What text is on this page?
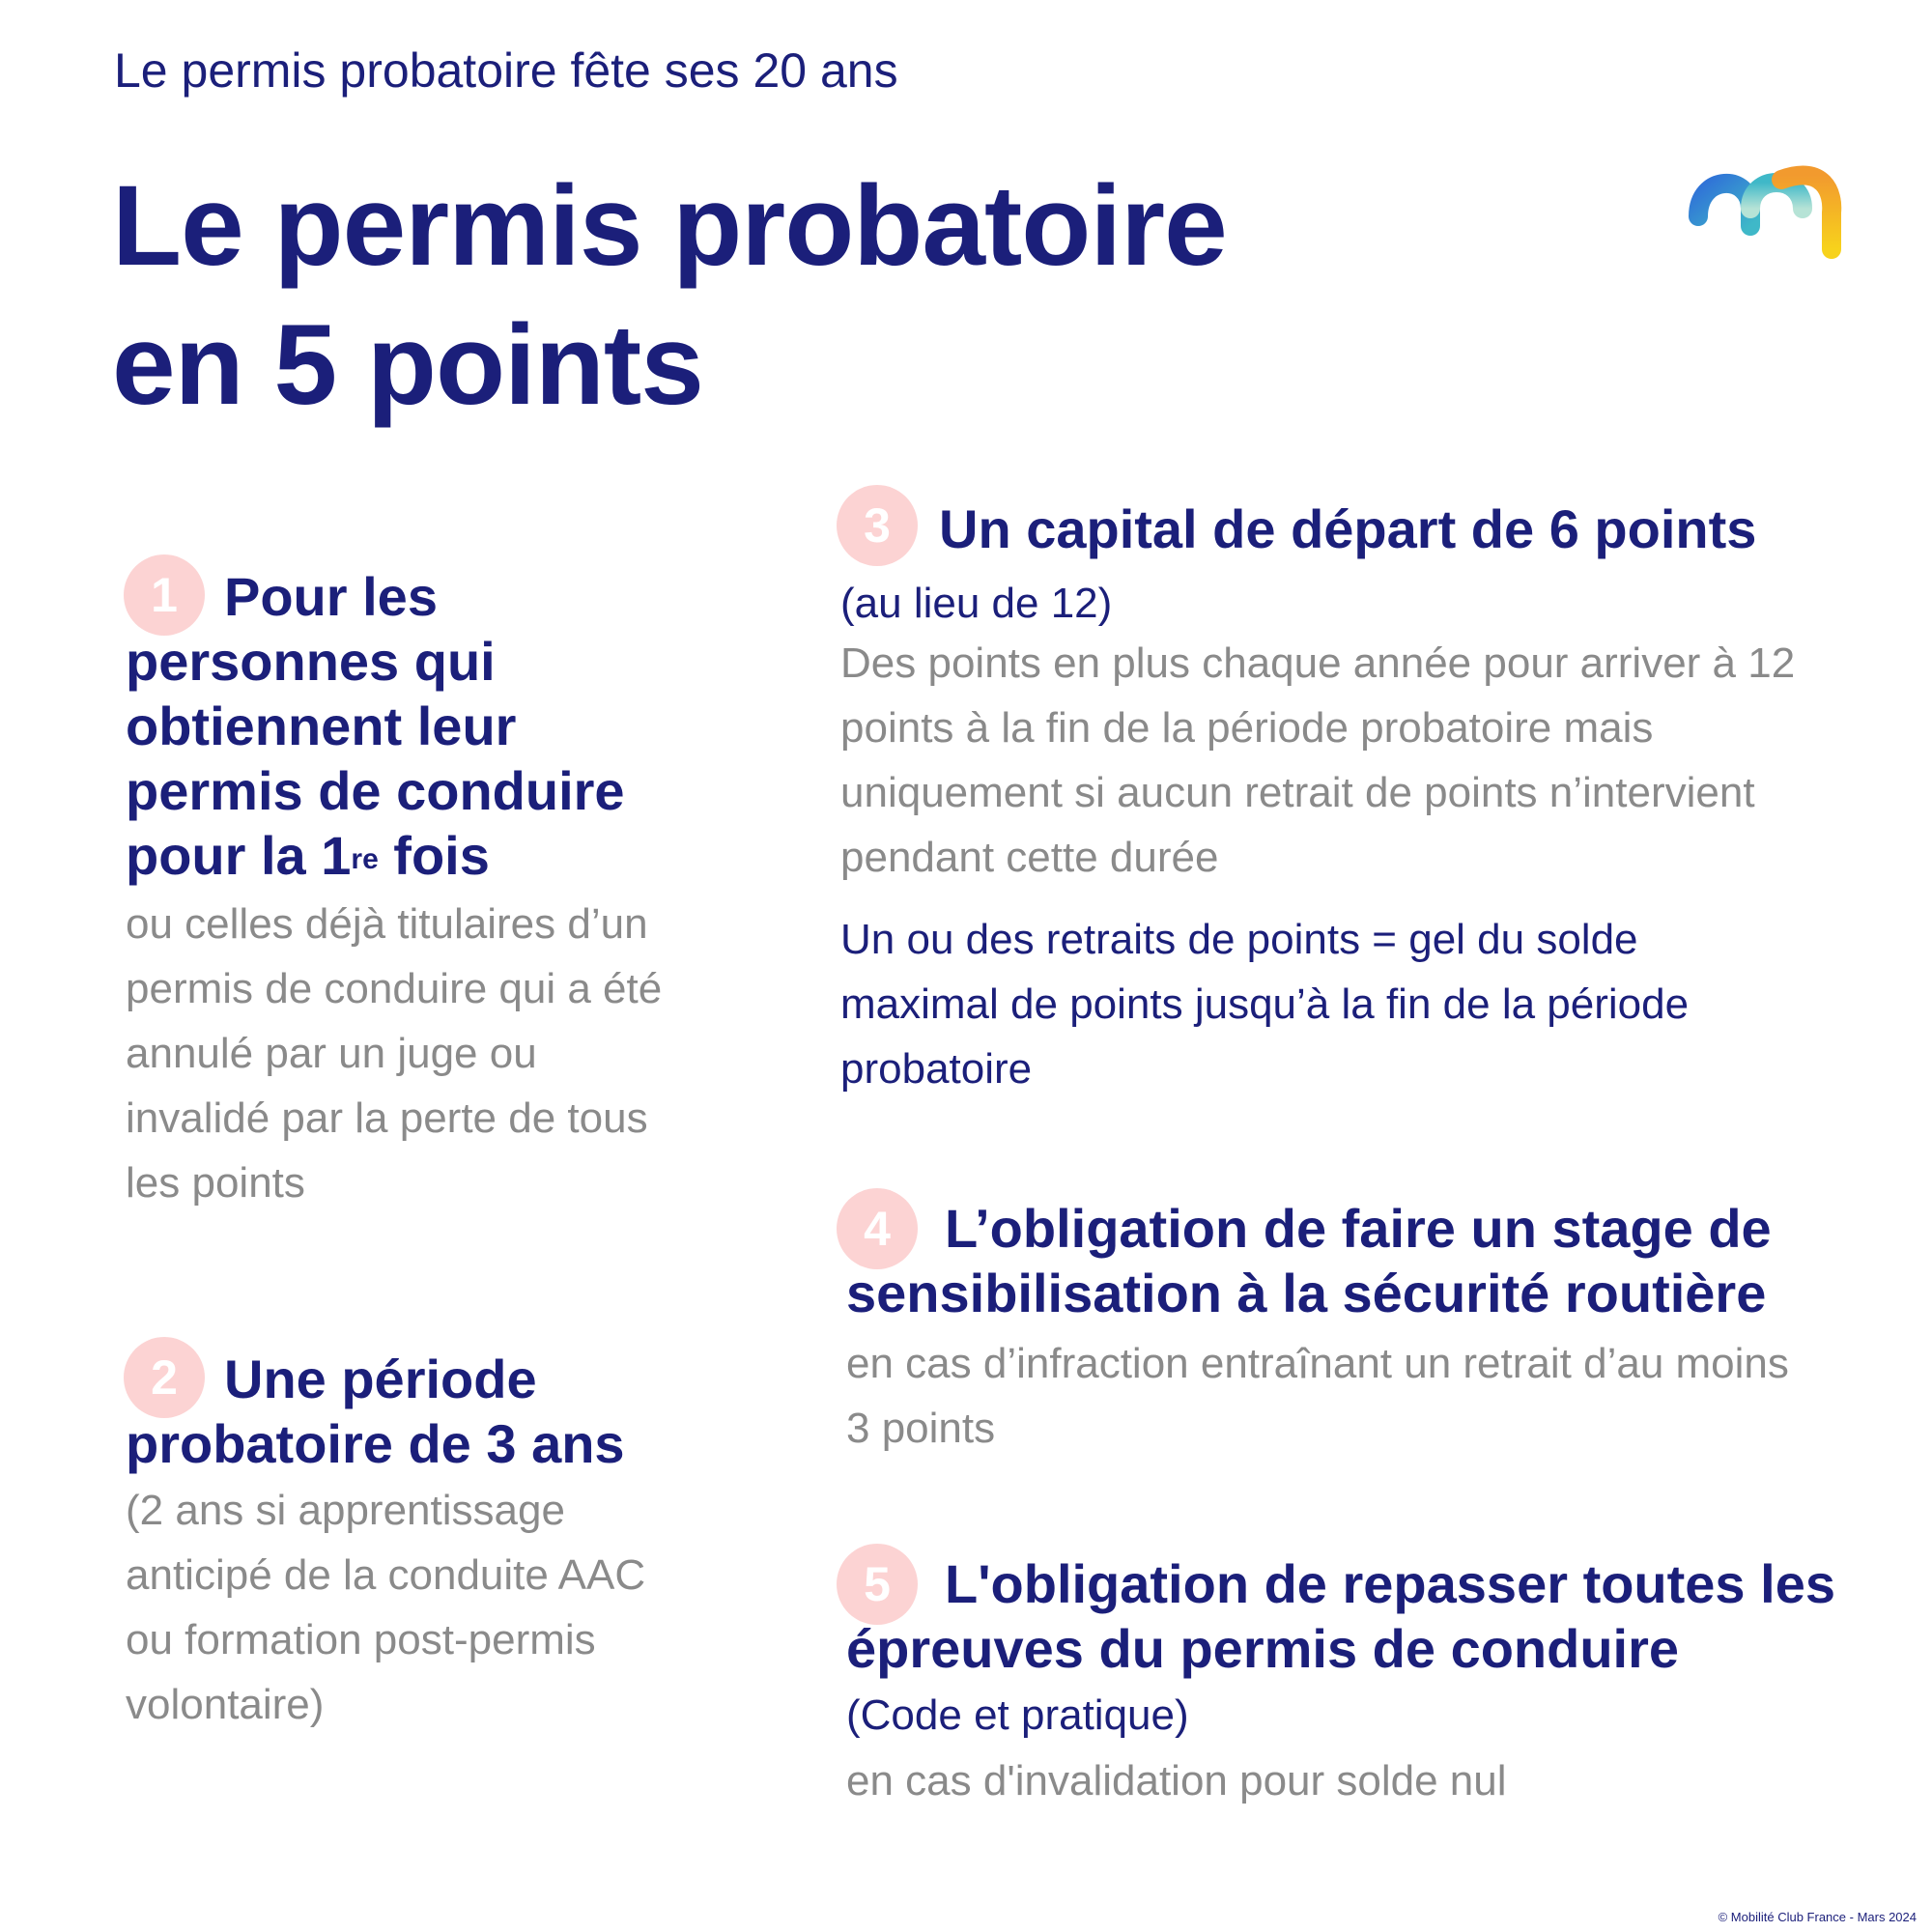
Le permis probatoire fête ses 20 ans
Le permis probatoire
en 5 points
1 Pour les personnes qui obtiennent leur permis de conduire pour la 1re fois
ou celles déjà titulaires d’un permis de conduire qui a été annulé par un juge ou invalidé par la perte de tous les points
2 Une période probatoire de 3 ans
(2 ans si apprentissage anticipé de la conduite AAC ou formation post-permis volontaire)
3 Un capital de départ de 6 points (au lieu de 12)
Des points en plus chaque année pour arriver à 12 points à la fin de la période probatoire mais uniquement si aucun retrait de points n’intervient pendant cette durée
Un ou des retraits de points = gel du solde maximal de points jusqu’à la fin de la période probatoire
4	L’obligation de faire un stage de sensibilisation à la sécurité routière
en cas d’infraction entraînant un retrait d’au moins 3 points
5	L'obligation de repasser toutes les épreuves du permis de conduire
(Code et pratique)
en cas d'invalidation pour solde nul
© Mobilité Club France - Mars 2024
